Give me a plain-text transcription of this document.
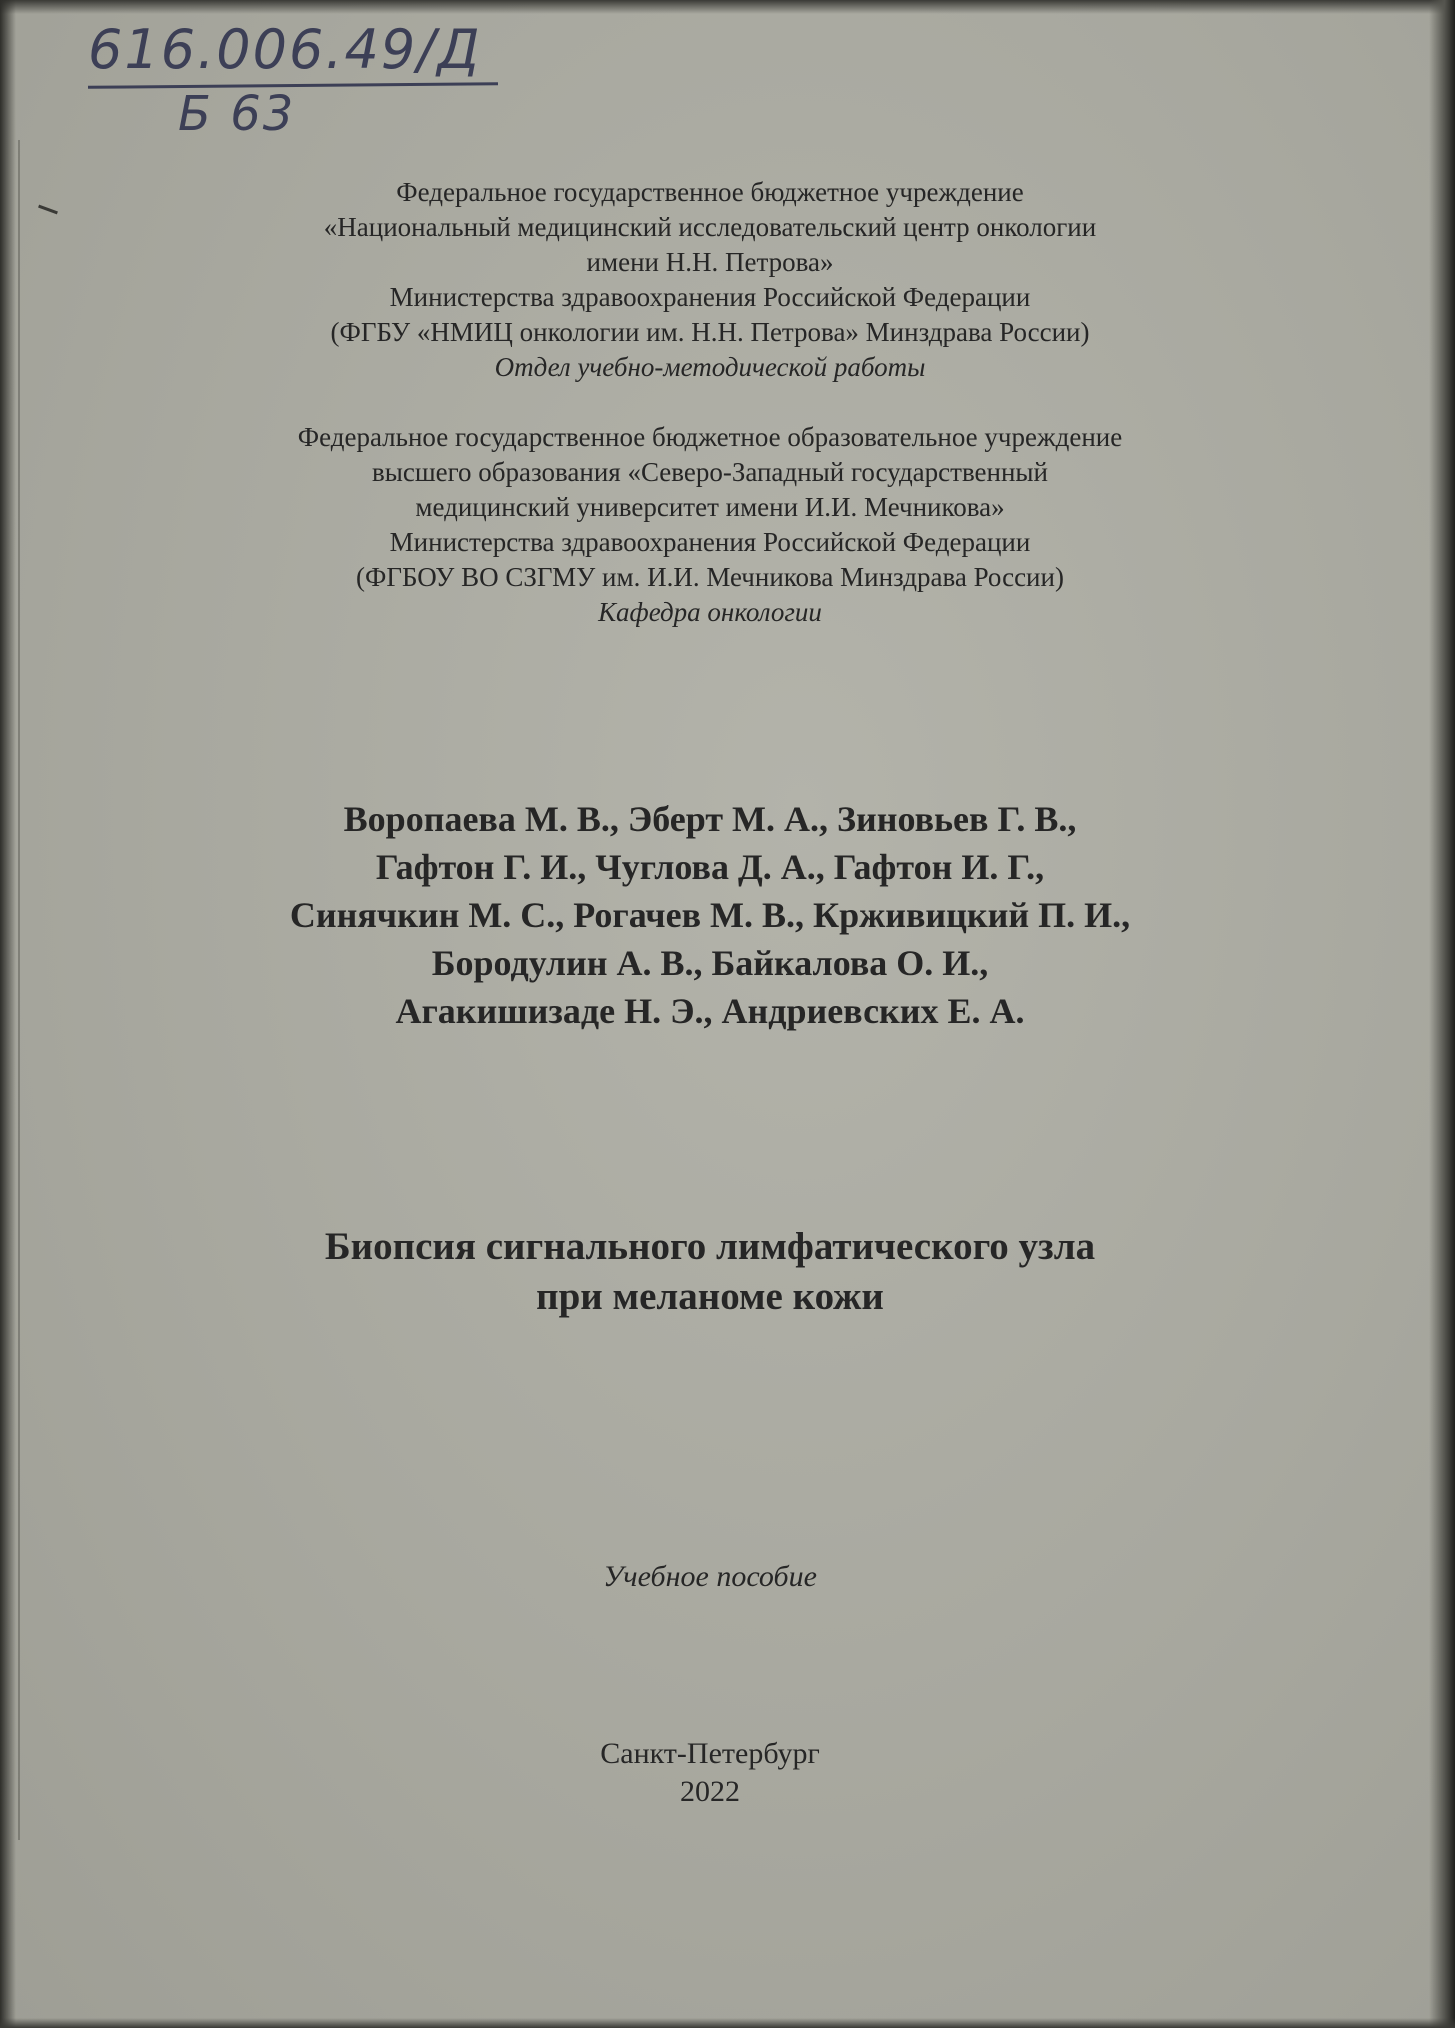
616.006.49/Д
Б 63
Федеральное государственное бюджетное учреждение
«Национальный медицинский исследовательский центр онкологии
имени Н.Н. Петрова»
Министерства здравоохранения Российской Федерации
(ФГБУ «НМИЦ онкологии им. Н.Н. Петрова» Минздрава России)
Отдел учебно-методической работы
Федеральное государственное бюджетное образовательное учреждение
высшего образования «Северо-Западный государственный
медицинский университет имени И.И. Мечникова»
Министерства здравоохранения Российской Федерации
(ФГБОУ ВО СЗГМУ им. И.И. Мечникова Минздрава России)
Кафедра онкологии
Воропаева М. В., Эберт М. А., Зиновьев Г. В.,
Гафтон Г. И., Чуглова Д. А., Гафтон И. Г.,
Синячкин М. С., Рогачев М. В., Крживицкий П. И.,
Бородулин А. В., Байкалова О. И.,
Агакишизаде Н. Э., Андриевских Е. А.
Биопсия сигнального лимфатического узла
при меланоме кожи
Учебное пособие
Санкт-Петербург
2022
